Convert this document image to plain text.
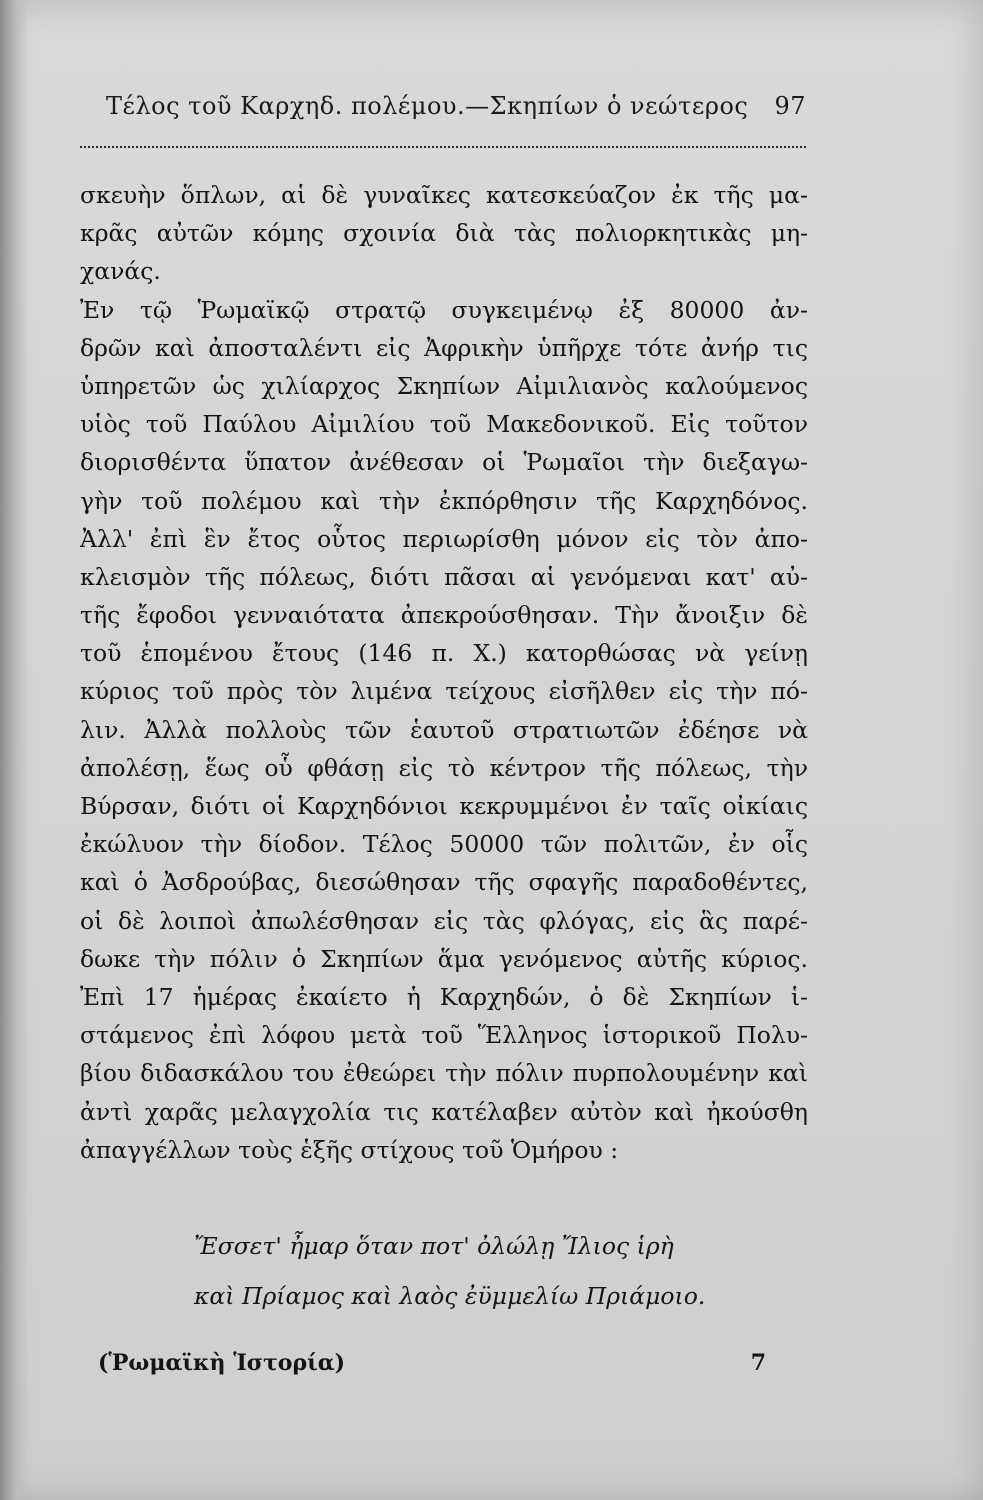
Τέλος τοῦ Καρχηδ. πολέμου.—Σκηπίων ὁ νεώτερος 97
σκευὴν ὅπλων, αἱ δὲ γυναῖκες κατεσκεύαζον ἐκ τῆς μα-
κρᾶς αὐτῶν κόμης σχοινία διὰ τὰς πολιορκητικὰς μη-
χανάς.
Ἐν τῷ Ῥωμαϊκῷ στρατῷ συγκειμένῳ ἐξ 80000 ἀν-
δρῶν καὶ ἀποσταλέντι εἰς Ἀφρικὴν ὑπῆρχε τότε ἀνήρ τις
ὑπηρετῶν ὡς χιλίαρχος Σκηπίων Αἰμιλιανὸς καλούμενος
υἱὸς τοῦ Παύλου Αἰμιλίου τοῦ Μακεδονικοῦ. Εἰς τοῦτον
διορισθέντα ὕπατον ἀνέθεσαν οἱ Ῥωμαῖοι τὴν διεξαγω-
γὴν τοῦ πολέμου καὶ τὴν ἐκπόρθησιν τῆς Καρχηδόνος.
Ἀλλ' ἐπὶ ἓν ἔτος οὗτος περιωρίσθη μόνον εἰς τὸν ἀπο-
κλεισμὸν τῆς πόλεως, διότι πᾶσαι αἱ γενόμεναι κατ' αὐ-
τῆς ἔφοδοι γενναιότατα ἀπεκρούσθησαν. Τὴν ἄνοιξιν δὲ
τοῦ ἑπομένου ἔτους (146 π. Χ.) κατορθώσας νὰ γείνῃ
κύριος τοῦ πρὸς τὸν λιμένα τείχους εἰσῆλθεν εἰς τὴν πό-
λιν. Ἀλλὰ πολλοὺς τῶν ἑαυτοῦ στρατιωτῶν ἐδέησε νὰ
ἀπολέσῃ, ἕως οὗ φθάσῃ εἰς τὸ κέντρον τῆς πόλεως, τὴν
Βύρσαν, διότι οἱ Καρχηδόνιοι κεκρυμμένοι ἐν ταῖς οἰκίαις
ἐκώλυον τὴν δίοδον. Τέλος 50000 τῶν πολιτῶν, ἐν οἷς
καὶ ὁ Ἀσδρούβας, διεσώθησαν τῆς σφαγῆς παραδοθέντες,
οἱ δὲ λοιποὶ ἀπωλέσθησαν εἰς τὰς φλόγας, εἰς ἃς παρέ-
δωκε τὴν πόλιν ὁ Σκηπίων ἅμα γενόμενος αὐτῆς κύριος.
Ἐπὶ 17 ἡμέρας ἐκαίετο ἡ Καρχηδών, ὁ δὲ Σκηπίων ἱ-
στάμενος ἐπὶ λόφου μετὰ τοῦ Ἕλληνος ἱστορικοῦ Πολυ-
βίου διδασκάλου του ἐθεώρει τὴν πόλιν πυρπολουμένην καὶ
ἀντὶ χαρᾶς μελαγχολία τις κατέλαβεν αὐτὸν καὶ ἠκούσθη
ἀπαγγέλλων τοὺς ἑξῆς στίχους τοῦ Ὁμήρου :
Ἔσσετ' ἦμαρ ὅταν ποτ' ὀλώλῃ Ἴλιος ἱρὴ
καὶ Πρίαμος καὶ λαὸς ἐϋμμελίω Πριάμοιο.
(Ῥωμαϊκὴ Ἱστορία)	7
